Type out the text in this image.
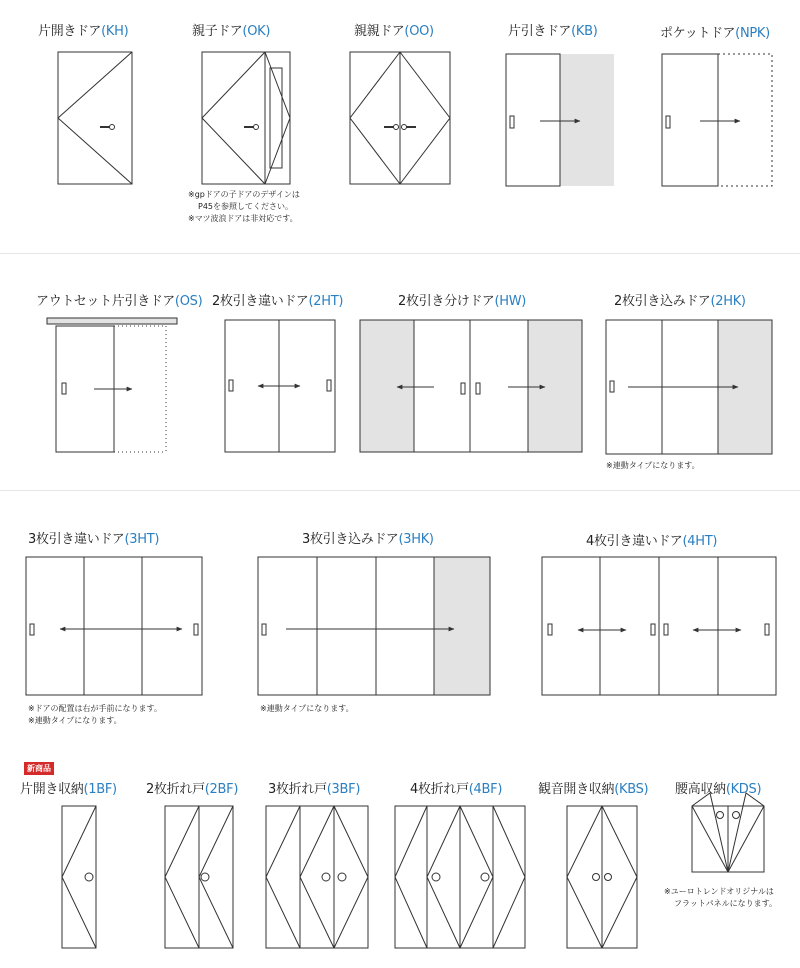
片開きドア(KH)	親子ドア(OK)	親親ドア(OO)	片引きドア(KB)	ポケットドア(NPK)
※gpドアの子ドアのデザインは
P45を参照してください。
※マツ波浪ドアは非対応です。
アウトセット片引きドア(OS) 2枚引き違いドア(2HT)	2枚引き分けドア(HW)	2枚引き込みドア(2HK)
※連動タイプになります。
3枚引き違いドア(3HT)	3枚引き込みドア(3HK)	4枚引き違いドア(4HT)
※ドアの配置は右が手前になります。
※連動タイプになります。
※連動タイプになります。
新商品
片開き収納(1BF) 2枚折れ戸(2BF) 3枚折れ戸(3BF)	4枚折れ戸(4BF)	観音開き収納(KBS) 腰高収納(KDS)
※ユーロトレンドオリジナルは
フラットパネルになります。
